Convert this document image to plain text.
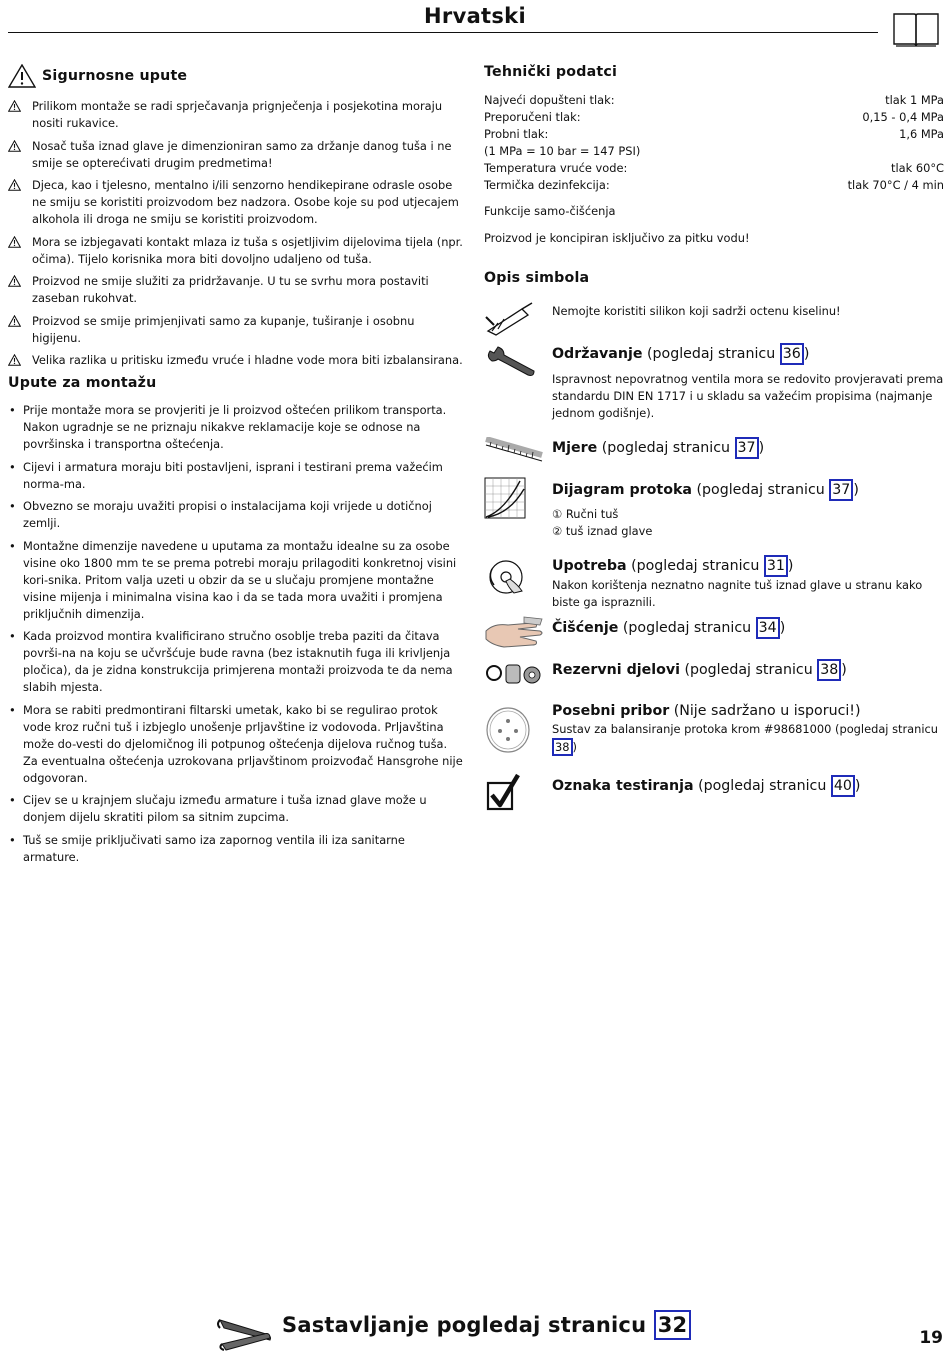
Hrvatski
Sigurnosne upute
Prilikom montaže se radi sprječavanja prignječenja i posjekotina moraju nositi rukavice.
Nosač tuša iznad glave je dimenzioniran samo za držanje danog tuša i ne smije se opterećivati drugim predmetima!
Djeca, kao i tjelesno, mentalno i/ili senzorno hendikepirane odrasle osobe ne smiju se koristiti proizvodom bez nadzora. Osobe koje su pod utjecajem alkohola ili droga ne smiju se koristiti proizvodom.
Mora se izbjegavati kontakt mlaza iz tuša s osjetljivim dijelovima tijela (npr. očima). Tijelo korisnika mora biti dovoljno udaljeno od tuša.
Proizvod ne smije služiti za pridržavanje. U tu se svrhu mora postaviti zaseban rukohvat.
Proizvod se smije primjenjivati samo za kupanje, tuširanje i osobnu higijenu.
Velika razlika u pritisku između vruće i hladne vode mora biti izbalansirana.
Upute za montažu
• Prije montaže mora se provjeriti je li proizvod oštećen prilikom transporta. Nakon ugradnje se ne priznaju nikakve reklamacije koje se odnose na površinska i transportna oštećenja.
• Cijevi i armatura moraju biti postavljeni, isprani i testirani prema važećim norma-ma.
• Obvezno se moraju uvažiti propisi o instalacijama koji vrijede u dotičnoj zemlji.
• Montažne dimenzije navedene u uputama za montažu idealne su za osobe visine oko 1800 mm te se prema potrebi moraju prilagoditi konkretnoj visini kori-snika. Pritom valja uzeti u obzir da se u slučaju promjene montažne visine mijenja i minimalna visina kao i da se tada mora uvažiti i promjena priključnih dimenzija.
• Kada proizvod montira kvalificirano stručno osoblje treba paziti da čitava površi-na na koju se učvršćuje bude ravna (bez istaknutih fuga ili krivljenja pločica), da je zidna konstrukcija primjerena montaži proizvoda te da nema slabih mjesta.
• Mora se rabiti predmontirani filtarski umetak, kako bi se regulirao protok vode kroz ručni tuš i izbjeglo unošenje prljavštine iz vodovoda. Prljavština može do-vesti do djelomičnog ili potpunog oštećenja dijelova ručnog tuša. Za eventualna oštećenja uzrokovana prljavštinom proizvođač Hansgrohe nije odgovoran.
• Cijev se u krajnjem slučaju između armature i tuša iznad glave može u donjem dijelu skratiti pilom sa sitnim zupcima.
• Tuš se smije priključivati samo iza zapornog ventila ili iza sanitarne armature.
Tehnički podatci
Najveći dopušteni tlak:	tlak 1 MPa
Preporučeni tlak:	0,15 - 0,4 MPa
Probni tlak:	1,6 MPa
(1 MPa = 10 bar = 147 PSI)
Temperatura vruće vode:	tlak 60°C
Termička dezinfekcija:	tlak 70°C / 4 min
Funkcije samo-čišćenja
Proizvod je koncipiran isključivo za pitku vodu!
Opis simbola
Nemojte koristiti silikon koji sadrži octenu kiselinu!
Održavanje (pogledaj stranicu 36 )
Ispravnost nepovratnog ventila mora se redovito provjeravati prema standardu DIN EN 1717 i u skladu sa važećim propisima (najmanje jednom godišnje).
Mjere (pogledaj stranicu 37 )
Dijagram protoka (pogledaj stranicu 37 )
① Ručni tuš
② tuš iznad glave
Upotreba (pogledaj stranicu 31 )
Nakon korištenja neznatno nagnite tuš iznad glave u stranu kako biste ga ispraznili.
Čišćenje (pogledaj stranicu 34 )
Rezervni djelovi (pogledaj stranicu 38 )
Posebni pribor (Nije sadržano u isporuci!)
Sustav za balansiranje protoka krom #98681000 (pogledaj stranicu 38 )
Oznaka testiranja (pogledaj stranicu 40 )
Sastavljanje pogledaj stranicu 32
19
